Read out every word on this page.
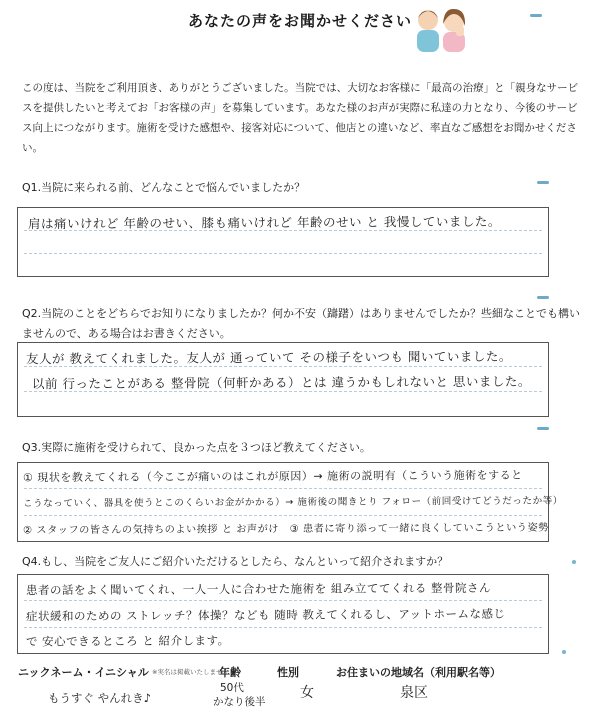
あなたの声をお聞かせください
この度は、当院をご利用頂き、ありがとうございました。当院では、大切なお客様に「最高の治療」と「親身なサービスを提供したいと考えてお「お客様の声」を募集しています。あなた様のお声が実際に私達の力となり、今後のサービス向上につながります。施術を受けた感想や、接客対応について、他店との違いなど、率直なご感想をお聞かせください。
Q1.当院に来られる前、どんなことで悩んでいましたか？
肩は痛いけれど 年齢のせい、膝も痛いけれど 年齢のせい と 我慢していました。
Q2.当院のことをどちらでお知りになりましたか？何か不安（躊躇）はありませんでしたか？些細なことでも構いませんので、ある場合はお書きください。
友人が 教えてくれました。友人が 通っていて その様子をいつも 聞いていました。
以前 行ったことがある 整骨院（何軒かある）とは 違うかもしれないと 思いました。
Q3.実際に施術を受けられて、良かった点を３つほど教えてください。
① 現状を教えてくれる（今ここが痛いのはこれが原因）→ 施術の説明有（こういう施術をすると
こうなっていく、器具を使うとこのくらいお金がかかる）→ 施術後の聞きとり フォロー（前回受けてどうだったか等）
② スタッフの皆さんの気持ちのよい挨拶 と お声がけ　③ 患者に寄り添って一緒に良くしていこうという姿勢
Q4.もし、当院をご友人にご紹介いただけるとしたら、なんといって紹介されますか？
患者の話をよく聞いてくれ、一人一人に合わせた施術を 組み立ててくれる 整骨院さん
症状緩和のための ストレッチ？体操？なども 随時 教えてくれるし、アットホームな感じ
で 安心できるところ と 紹介します。
ニックネーム・イニシャル ※実名は掲載いたしません
もうすぐ やんれき♪
年齢
50代
かなり後半
性別
女
お住まいの地域名（利用駅名等）
泉区
